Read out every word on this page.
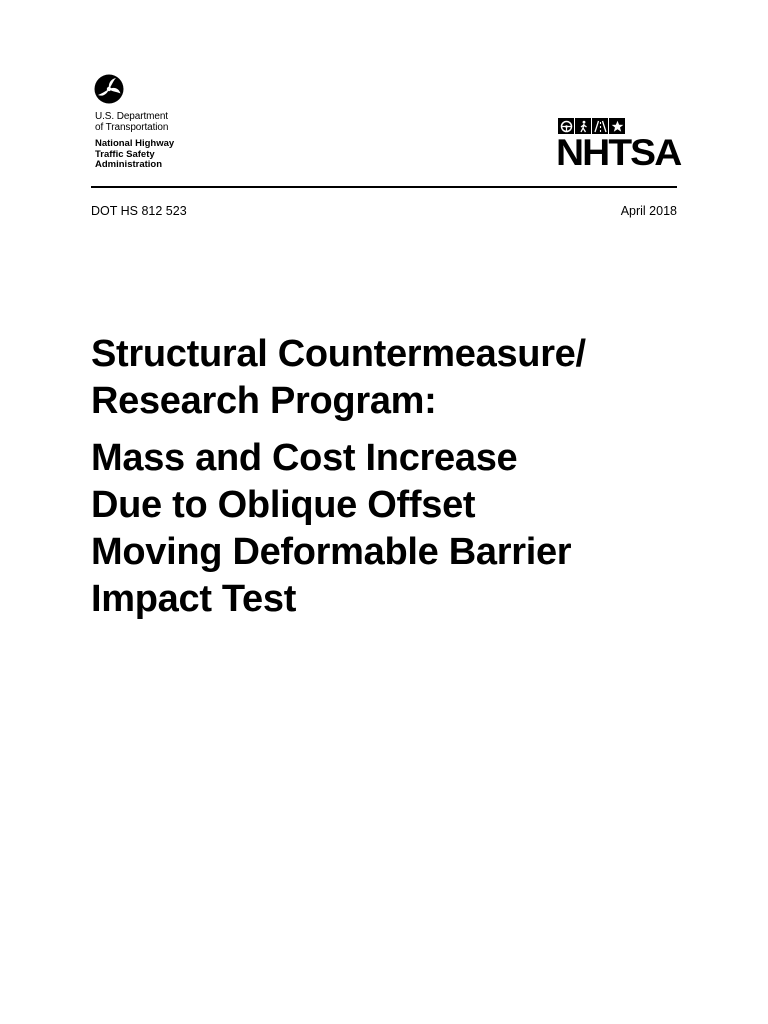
U.S. Department
of Transportation
National Highway
Traffic Safety
Administration	NHTSA
DOT HS 812 523	April 2018
Structural Countermeasure/
Research Program:
Mass and Cost Increase
Due to Oblique Offset
Moving Deformable Barrier
Impact Test
